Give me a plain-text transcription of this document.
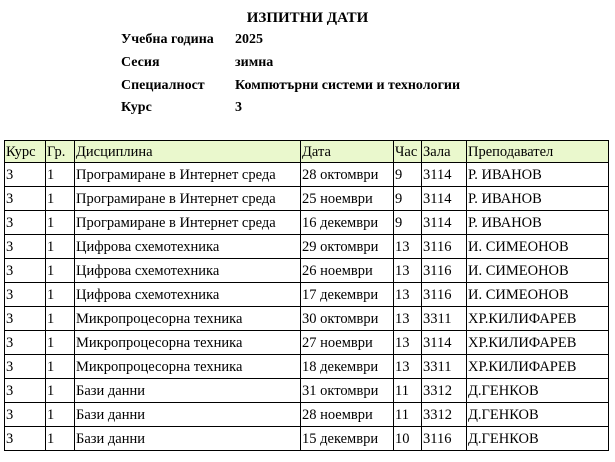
ИЗПИТНИ ДАТИ
Учебна година 2025
Сесия	зимна
Специалност Компютърни системи и технологии
Курс	3
Курс	Гр.	Дисциплина	Дата	Час	Зала	Преподавател
3	1	Програмиране в Интернет среда	28 октомври	9	3114	Р. ИВАНОВ
3	1	Програмиране в Интернет среда	25 ноември	9	3114	Р. ИВАНОВ
3	1	Програмиране в Интернет среда	16 декември	9	3114	Р. ИВАНОВ
3	1	Цифрова схемотехника	29 октомври	13	3116	И. СИМЕОНОВ
3	1	Цифрова схемотехника	26 ноември	13	3116	И. СИМЕОНОВ
3	1	Цифрова схемотехника	17 декември	13	3116	И. СИМЕОНОВ
3	1	Микропроцесорна техника	30 октомври	13	3311	ХР.КИЛИФАРЕВ
3	1	Микропроцесорна техника	27 ноември	13	3114	ХР.КИЛИФАРЕВ
3	1	Микропроцесорна техника	18 декември	13	3311	ХР.КИЛИФАРЕВ
3	1	Бази данни	31 октомври	11	3312	Д.ГЕНКОВ
3	1	Бази данни	28 ноември	11	3312	Д.ГЕНКОВ
3	1	Бази данни	15 декември	10	3116	Д.ГЕНКОВ
